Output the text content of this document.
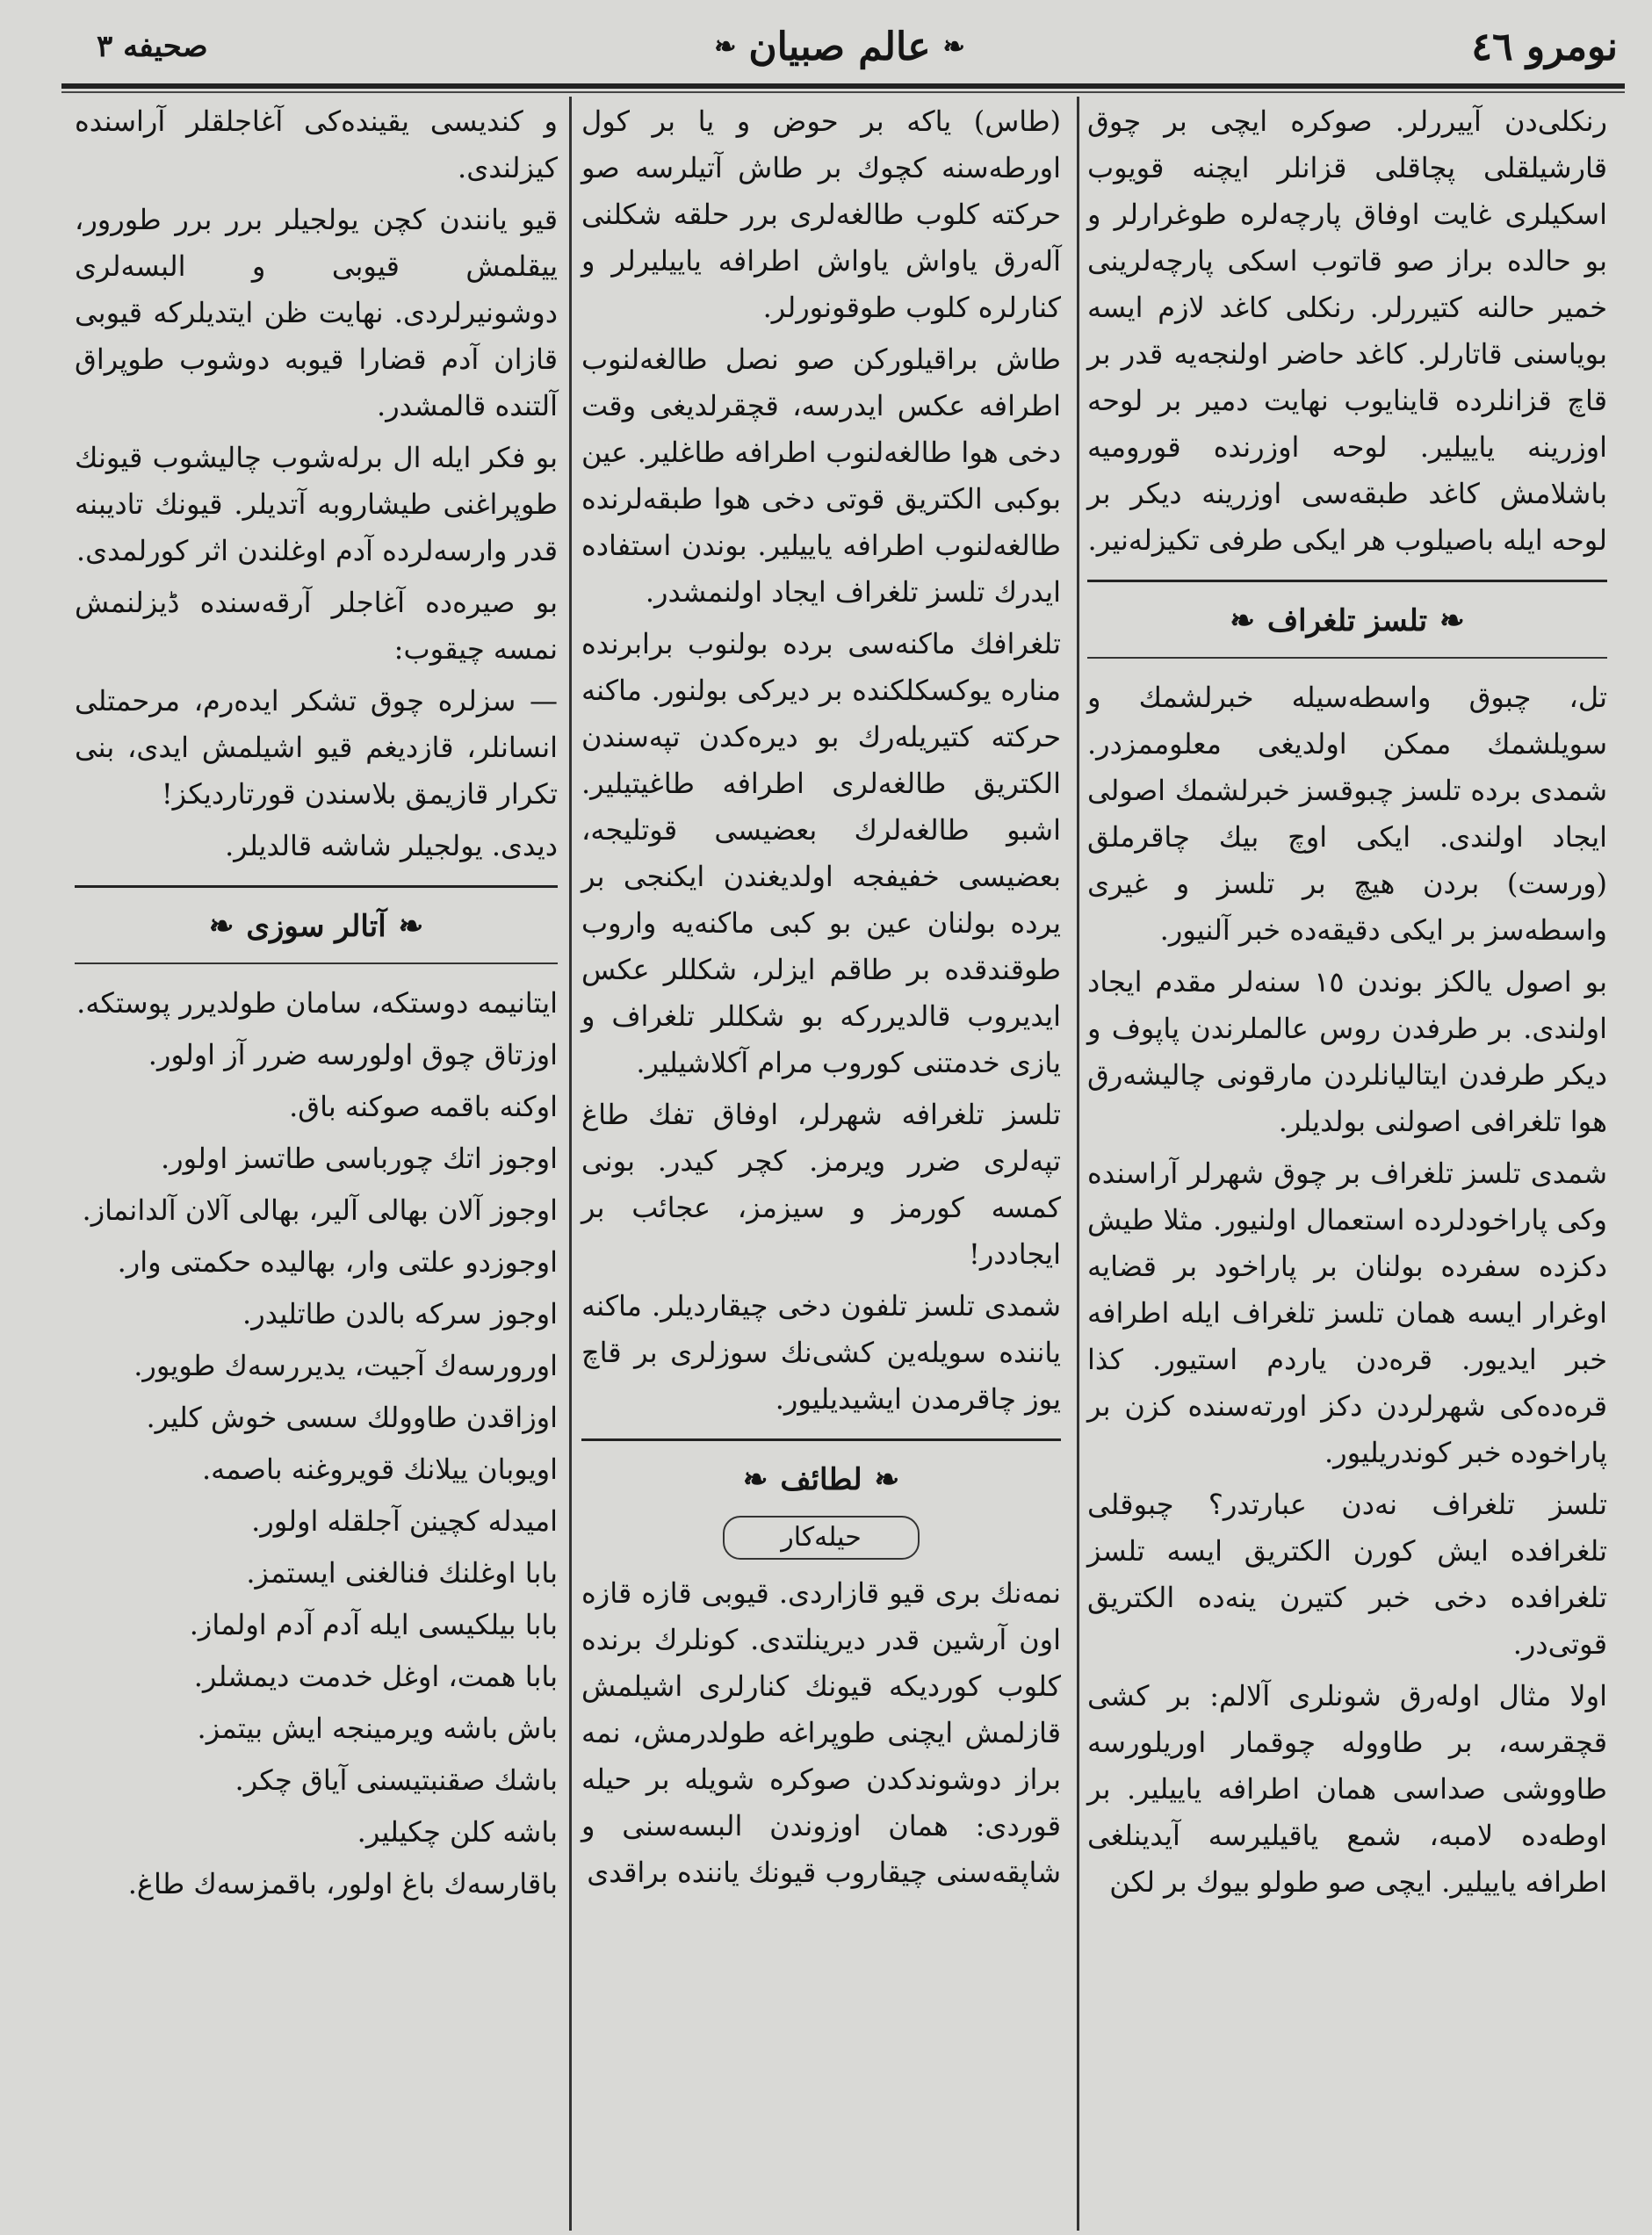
نومرو ٤٦
❧
عالم صبيان
❧
صحيفه ٣

رنکلی‌دن آییررلر. صوکره ایچی بر چوق قارشیلقلی پچاقلی قزانلر ایچنه قویوب اسکیلری غایت اوفاق پارچه‌لره طوغرارلر و بو حالده براز صو قاتوب اسکی پارچه‌لرینی خمیر حالنه کتیررلر. رنکلی کاغد لازم ایسه بویاسنی قاتارلر. کاغد حاضر اولنجه‌یه قدر بر قاچ قزانلرده قاینایوب نهایت دمیر بر لوحه اوزرینه یاییلیر. لوحه اوزرنده قورومیه باشلامش کاغد طبقه‌سی اوزرینه دیکر بر لوحه ایله باصیلوب هر ایکی طرفی تکیزله‌نیر.

❧
تلسز تلغراف
❧

تل، چبوق واسطه‌سیله خبرلشمك و سویلشمك ممکن اولدیغی معلوممزدر. شمدی برده تلسز چبوقسز خبرلشمك اصولی ایجاد اولندی. ایکی اوچ بیك چاقرملق (ورست) بردن هیچ بر تلسز و غیری واسطه‌سز بر ایکی دقیقه‌ده خبر آلنیور.

بو اصول یالکز بوندن ١٥ سنه‌لر مقدم ایجاد اولندی. بر طرفدن روس عالملرندن پاپوف و دیکر طرفدن ایتالیانلردن مارقونی چالیشه‌رق هوا تلغرافی اصولنی بولدیلر.

شمدی تلسز تلغراف بر چوق شهرلر آراسنده وکی پاراخودلرده استعمال اولنیور. مثلا طیش دکزده سفرده بولنان بر پاراخود بر قضایه اوغرار ایسه همان تلسز تلغراف ایله اطرافه خبر ایدیور. قره‌دن یاردم استیور. کذا قره‌ده‌کی شهرلردن دکز اورته‌سنده کزن بر پاراخوده خبر کوندریلیور.

تلسز تلغراف نه‌دن عبارتدر؟ چبوقلی تلغرافده ایش کورن الکتریق ایسه تلسز تلغرافده دخی خبر کتیرن ینه‌ده الکتریق قوتی‌در.

اولا مثال اوله‌رق شونلری آلالم: بر کشی قچقرسه، بر طاووله چوقمار اوریلورسه طاووشی صداسی همان اطرافه یاییلیر. بر اوطه‌ده لامبه، شمع یاقیلیرسه آیدینلغی اطرافه یاییلیر. ایچی صو طولو بیوك بر لکن

(طاس) یاکه بر حوض و یا بر کول اورطه‌سنه کچوك بر طاش آتیلرسه صو حرکته کلوب طالغه‌لری برر حلقه شکلنی آله‌رق یاواش یاواش اطرافه یاییلیرلر و کنارلره کلوب طوقونورلر.

طاش براقیلورکن صو نصل طالغه‌لنوب اطرافه عکس ایدرسه، قچقرلدیغی وقت دخی هوا طالغه‌لنوب اطرافه طاغلیر. عین بوکبی الکتریق قوتی دخی هوا طبقه‌لرنده طالغه‌لنوب اطرافه یاییلیر. بوندن استفاده ایدرك تلسز تلغراف ایجاد اولنمشدر.

تلغرافك ماکنه‌سی برده بولنوب برابرنده مناره یوکسکلکنده بر دیرکی بولنور. ماکنه حرکته کتیریله‌رك بو دیره‌کدن تپه‌سندن الکتریق طالغه‌لری اطرافه طاغیتیلیر. اشبو طالغه‌لرك بعضیسی قوتلیجه، بعضیسی خفیفجه اولدیغندن ایکنجی بر یرده بولنان عین بو کبی ماکنه‌یه واروب طوقندقده بر طاقم ایزلر، شکللر عکس ایدیروب قالدیررکه بو شکللر تلغراف و یازی خدمتنی کوروب مرام آکلاشیلیر.

تلسز تلغرافه شهرلر، اوفاق تفك طاغ تپه‌لری ضرر ویرمز. کچر کیدر. بونی کمسه کورمز و سیزمز، عجائب بر ایجاددر!

شمدی تلسز تلفون دخی چیقاردیلر. ماکنه یاننده سویله‌ین کشی‌نك سوزلری بر قاچ یوز چاقرمدن ایشیدیلیور.

❧
لطائف
❧
حیله‌کار

نمه‌نك بری قیو قازاردی. قیوبی قازه قازه اون آرشین قدر دیرینلتدی. کونلرك برنده کلوب کوردیکه قیونك کنارلری اشیلمش قازلمش ایچنی طوپراغه طولدرمش، نمه براز دوشوندکدن صوکره شویله بر حیله قوردی: همان اوزوندن البسه‌سنی و شاپقه‌سنی چیقاروب قیونك یاننده براقدی

و کندیسی یقینده‌کی آغاجلقلر آراسنده کیزلندی.

قیو یانندن کچن یولجیلر برر برر طورور، ییقلمش قیوبی و البسه‌لری دوشونیرلردی. نهایت ظن ایتدیلرکه قیوبی قازان آدم قضارا قیوبه دوشوب طوپراق آلتنده قالمشدر.

بو فکر ایله ال برله‌شوب چالیشوب قیونك طوپراغنی طیشاروبه آتدیلر. قیونك تادیبنه قدر وارسه‌لرده آدم اوغلندن اثر کورلمدی.

بو صیره‌ده آغاجلر آرقه‌سنده ڈیزلنمش نمسه چیقوب:

— سزلره چوق تشکر ایده‌رم، مرحمتلی انسانلر، قازدیغم قیو اشیلمش ایدی، بنی تکرار قازیمق بلاسندن قورتاردیکز!

دیدی. یولجیلر شاشه قالدیلر.

❧
آتالر سوزی
❧

ایتانیمه دوستکه، سامان طولدیرر پوستکه.

اوزتاق چوق اولورسه ضرر آز اولور.

اوکنه باقمه صوکنه باق.

اوجوز اتك چورباسی طاتسز اولور.

اوجوز آلان بهالی آلیر، بهالی آلان آلدانماز.

اوجوزدو علتی وار، بهالیده حکمتی وار.

اوجوز سرکه بالدن طاتلیدر.

اورورسه‌ك آجیت، یدیررسه‌ك طویور.

اوزاقدن طاوولك سسی خوش کلیر.

اویوبان ییلانك قویروغنه باصمه.

امیدله کچینن آجلقله اولور.

بابا اوغلنك فنالغنی ایستمز.

بابا بیلکیسی ایله آدم آدم اولماز.

بابا همت، اوغل خدمت دیمشلر.

باش باشه ویرمینجه ایش بیتمز.

باشك صقنبتیسنی آیاق چکر.

باشه کلن چکیلیر.

باقارسه‌ك باغ اولور، باقمزسه‌ك طاغ.
